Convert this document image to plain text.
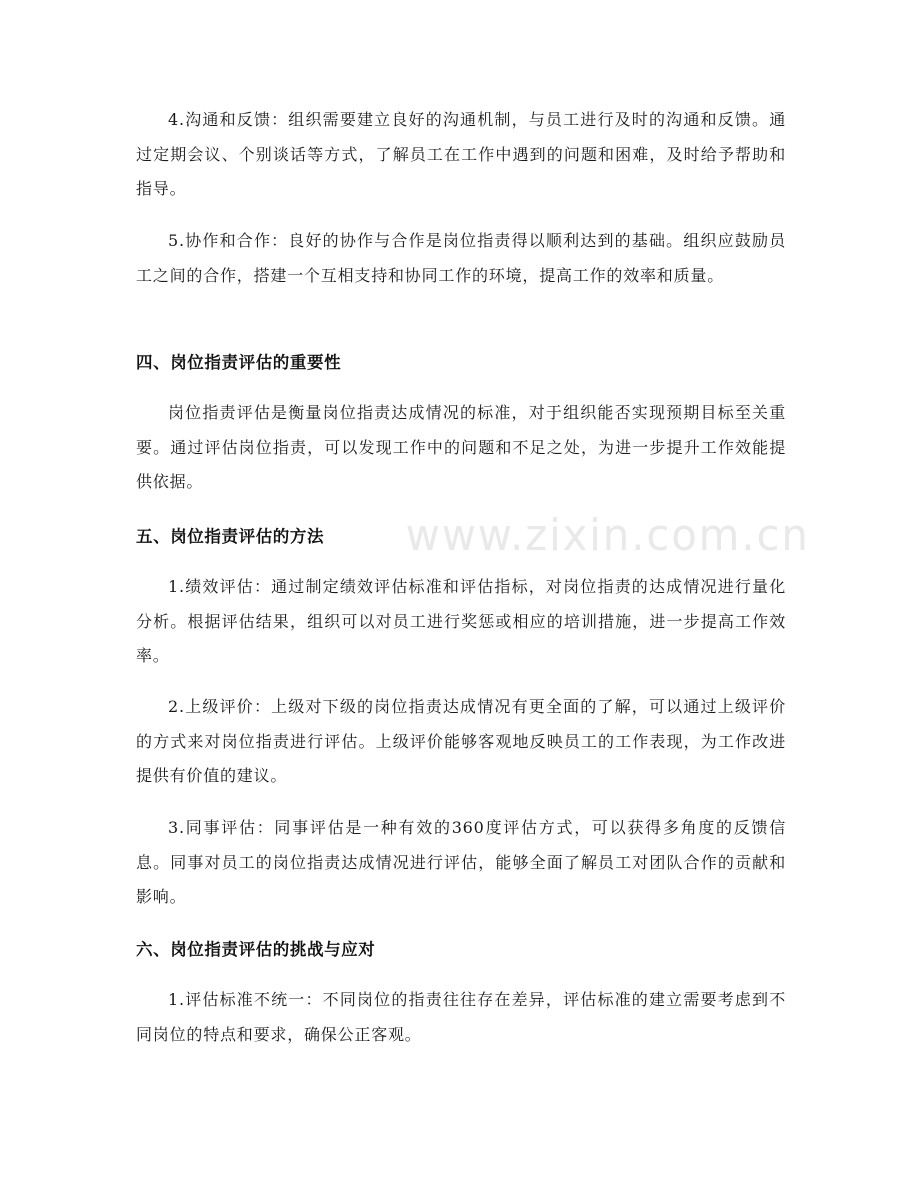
www.zixin.com.cn

4.沟通和反馈：组织需要建立良好的沟通机制，与员工进行及时的沟通和反馈。通过定期会议、个别谈话等方式，了解员工在工作中遇到的问题和困难，及时给予帮助和指导。

5.协作和合作：良好的协作与合作是岗位指责得以顺利达到的基础。组织应鼓励员工之间的合作，搭建一个互相支持和协同工作的环境，提高工作的效率和质量。

四、岗位指责评估的重要性

岗位指责评估是衡量岗位指责达成情况的标准，对于组织能否实现预期目标至关重要。通过评估岗位指责，可以发现工作中的问题和不足之处，为进一步提升工作效能提供依据。

五、岗位指责评估的方法

1.绩效评估：通过制定绩效评估标准和评估指标，对岗位指责的达成情况进行量化分析。根据评估结果，组织可以对员工进行奖惩或相应的培训措施，进一步提高工作效率。

2.上级评价：上级对下级的岗位指责达成情况有更全面的了解，可以通过上级评价的方式来对岗位指责进行评估。上级评价能够客观地反映员工的工作表现，为工作改进提供有价值的建议。

3.同事评估：同事评估是一种有效的360度评估方式，可以获得多角度的反馈信息。同事对员工的岗位指责达成情况进行评估，能够全面了解员工对团队合作的贡献和影响。

六、岗位指责评估的挑战与应对

1.评估标准不统一：不同岗位的指责往往存在差异，评估标准的建立需要考虑到不同岗位的特点和要求，确保公正客观。
